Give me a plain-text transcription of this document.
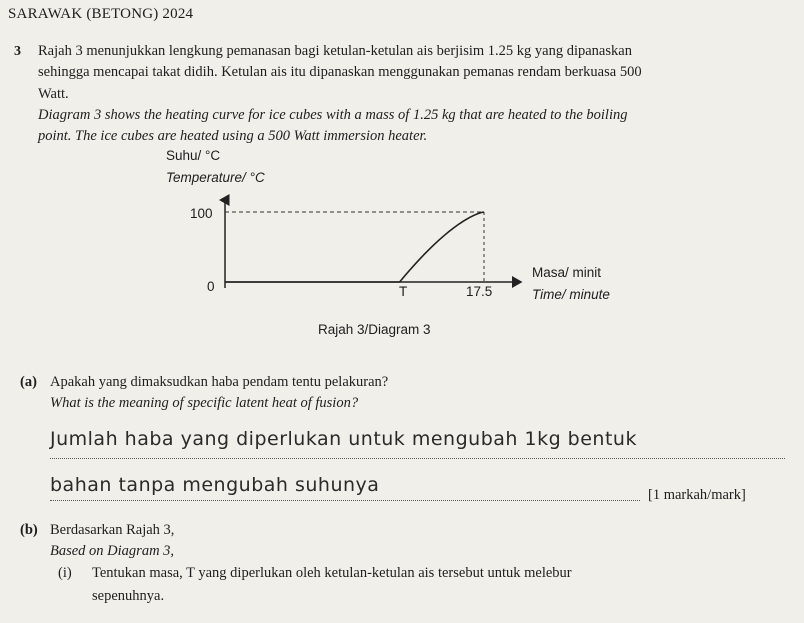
SARAWAK (BETONG) 2024
3 Rajah 3 menunjukkan lengkung pemanasan bagi ketulan-ketulan ais berjisim 1.25 kg yang dipanaskan
sehingga mencapai takat didih. Ketulan ais itu dipanaskan menggunakan pemanas rendam berkuasa 500
Watt.
Diagram 3 shows the heating curve for ice cubes with a mass of 1.25 kg that are heated to the boiling
point. The ice cubes are heated using a 500 Watt immersion heater.
Suhu/ °C
Temperature/ °C
100
0	T	17.5
Masa/ minit
Time/ minute
Rajah 3/Diagram 3
(a) Apakah yang dimaksudkan haba pendam tentu pelakuran?
What is the meaning of specific latent heat of fusion?
Jumlah haba yang diperlukan untuk mengubah 1kg bentuk
bahan tanpa mengubah suhunya	[1 markah/mark]
(b) Berdasarkan Rajah 3,
Based on Diagram 3,
(i) Tentukan masa, T yang diperlukan oleh ketulan-ketulan ais tersebut untuk melebur
sepenuhnya.
